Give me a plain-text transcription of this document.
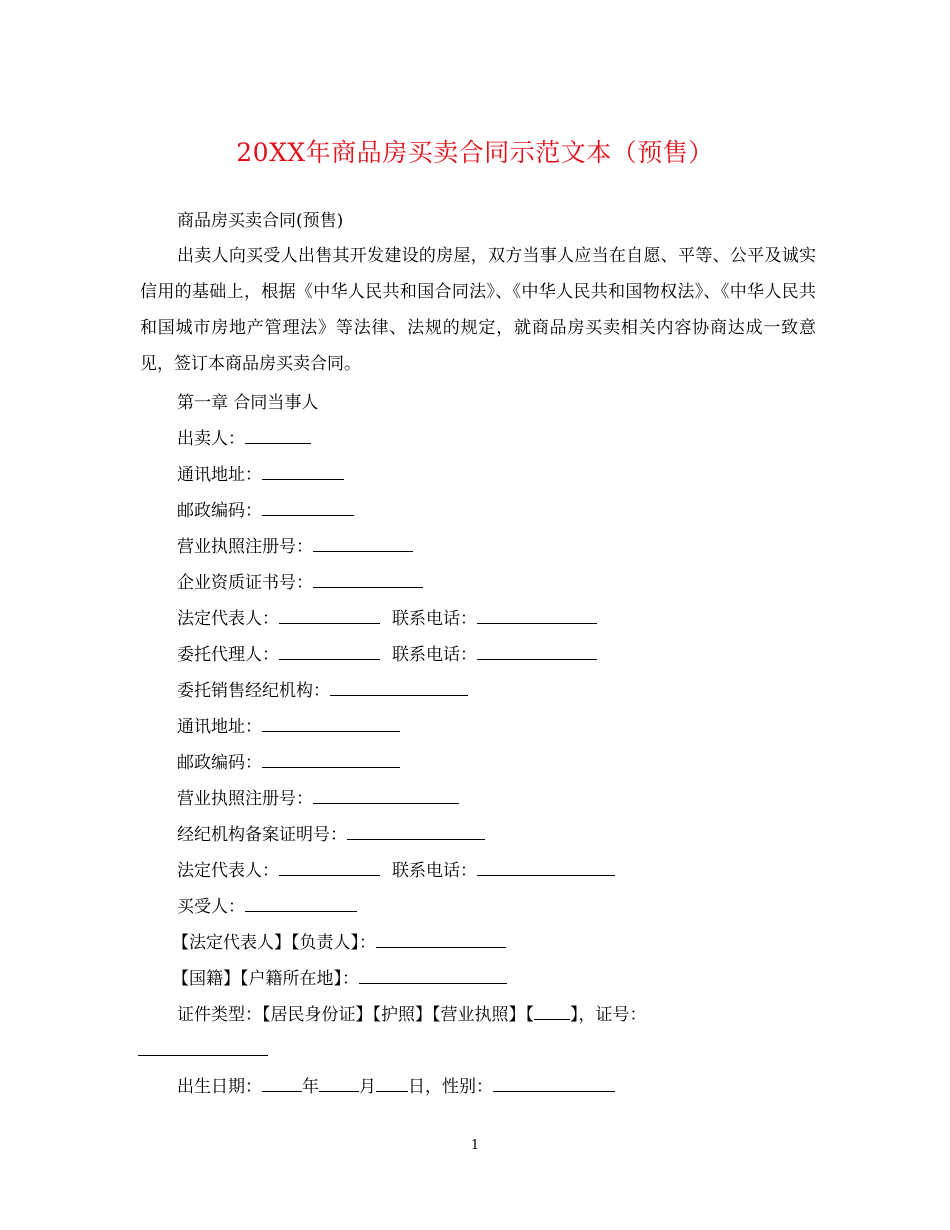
20XX年商品房买卖合同示范文本（预售）
商品房买卖合同(预售)
出卖人向买受人出售其开发建设的房屋，双方当事人应当在自愿、平等、公平及诚实信用的基础上，根据《中华人民共和国合同法》、《中华人民共和国物权法》、《中华人民共和国城市房地产管理法》等法律、法规的规定，就商品房买卖相关内容协商达成一致意见，签订本商品房买卖合同。
第一章 合同当事人
出卖人：
通讯地址：
邮政编码：
营业执照注册号：
企业资质证书号：
法定代表人：	联系电话：
委托代理人：	联系电话：
委托销售经纪机构：
通讯地址：
邮政编码：
营业执照注册号：
经纪机构备案证明号：
法定代表人：	联系电话：
买受人：
【法定代表人】【负责人】：
【国籍】【户籍所在地】：
证件类型：【居民身份证】【护照】【营业执照】【 】，证号：
出生日期： 年 月 日，性别：
1
